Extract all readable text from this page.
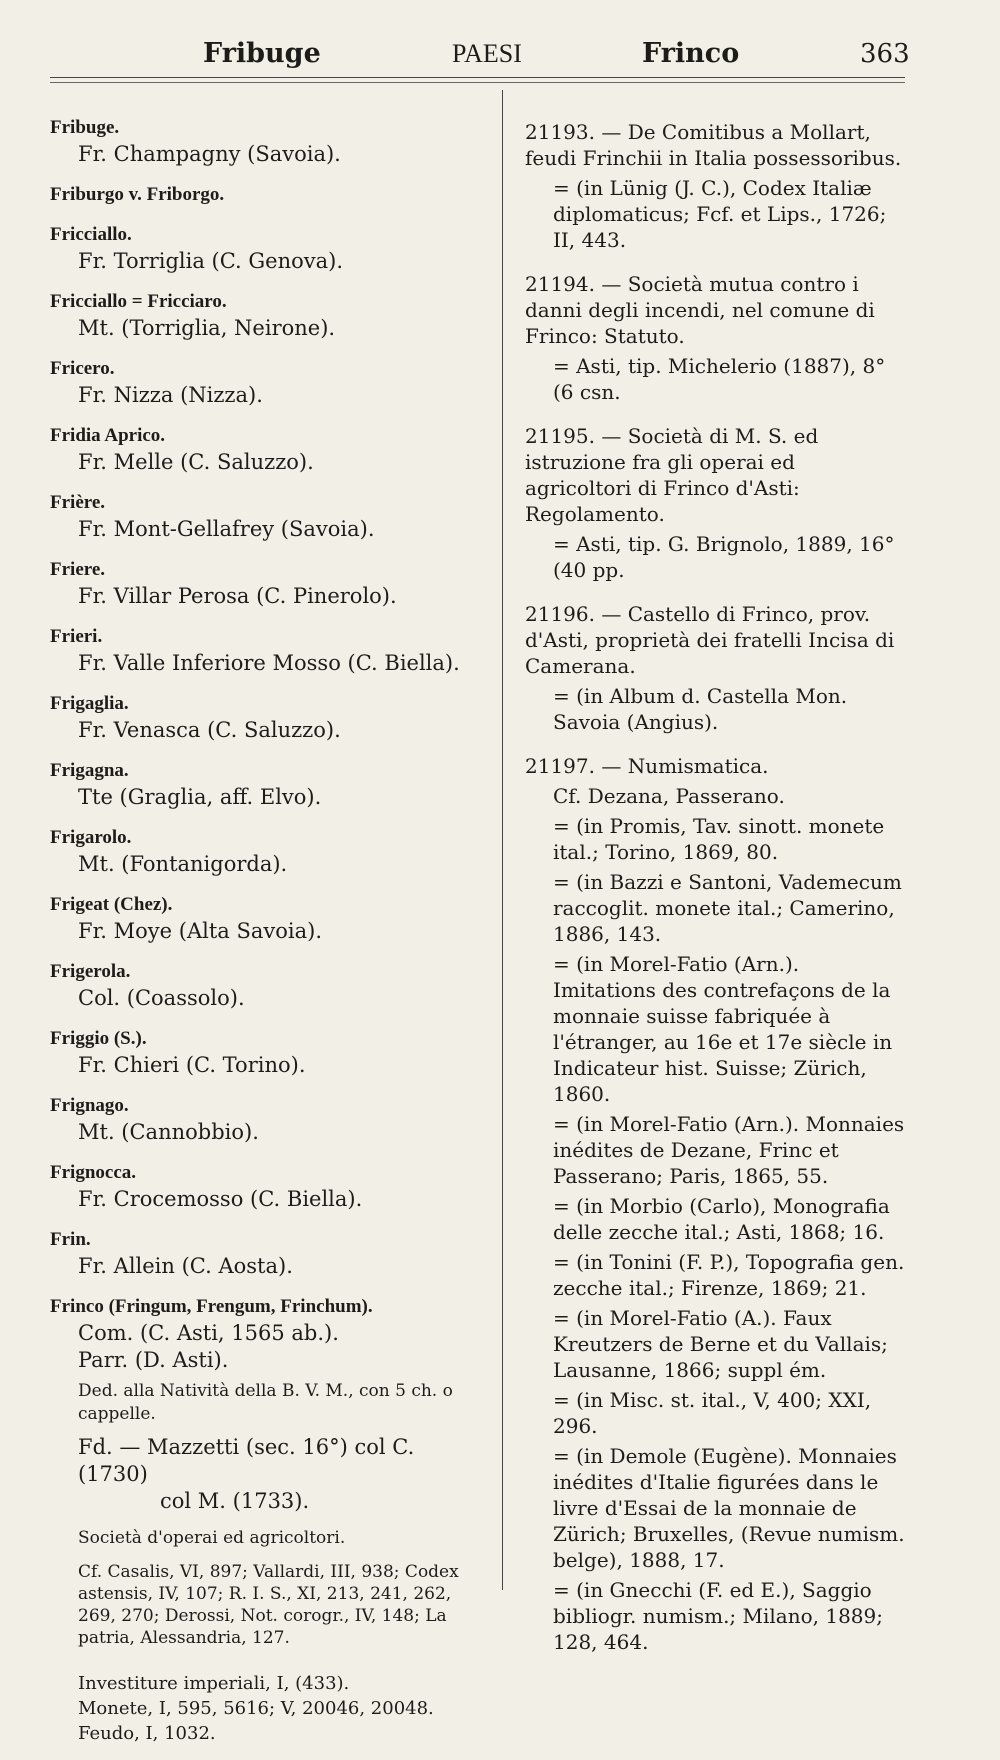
Fribuge	PAESI	Frinco	363
Fribuge.
Fr. Champagny (Savoia).
Friburgo v. Friborgo.
Fricciallo.
Fr. Torriglia (C. Genova).
Fricciallo = Fricciaro.
Mt. (Torriglia, Neirone).
Fricero.
Fr. Nizza (Nizza).
Fridia Aprico.
Fr. Melle (C. Saluzzo).
Frière.
Fr. Mont-Gellafrey (Savoia).
Friere.
Fr. Villar Perosa (C. Pinerolo).
Frieri.
Fr. Valle Inferiore Mosso (C. Biella).
Frigaglia.
Fr. Venasca (C. Saluzzo).
Frigagna.
Tte (Graglia, aff. Elvo).
Frigarolo.
Mt. (Fontanigorda).
Frigeat (Chez).
Fr. Moye (Alta Savoia).
Frigerola.
Col. (Coassolo).
Friggio (S.).
Fr. Chieri (C. Torino).
Frignago.
Mt. (Cannobbio).
Frignocca.
Fr. Crocemosso (C. Biella).
Frin.
Fr. Allein (C. Aosta).
Frinco (Fringum, Frengum, Frinchum).
Com. (C. Asti, 1565 ab.).
Parr. (D. Asti).
Ded. alla Natività della B. V. M., con 5 ch. o cappelle.
Fd. — Mazzetti (sec. 16°) col C. (1730)
col M. (1733).
Società d'operai ed agricoltori.
Cf. Casalis, VI, 897; Vallardi, III, 938; Codex astensis, IV, 107; R. I. S., XI, 213, 241, 262, 269, 270; Derossi, Not. corogr., IV, 148; La patria, Alessandria, 127.
Investiture imperiali, I, (433).
Monete, I, 595, 5616; V, 20046, 20048.
Feudo, I, 1032.
21193. — De Comitibus a Mollart, feudi Frinchii in Italia possessoribus.
= (in Lünig (J. C.), Codex Italiæ diplomaticus; Fcf. et Lips., 1726; II, 443.
21194. — Società mutua contro i danni degli incendi, nel comune di Frinco: Statuto.
= Asti, tip. Michelerio (1887), 8° (6 csn.
21195. — Società di M. S. ed istruzione fra gli operai ed agricoltori di Frinco d'Asti: Regolamento.
= Asti, tip. G. Brignolo, 1889, 16° (40 pp.
21196. — Castello di Frinco, prov. d'Asti, proprietà dei fratelli Incisa di Camerana.
= (in Album d. Castella Mon. Savoia (Angius).
21197. — Numismatica.
Cf. Dezana, Passerano.
= (in Promis, Tav. sinott. monete ital.; Torino, 1869, 80.
= (in Bazzi e Santoni, Vademecum raccoglit. monete ital.; Camerino, 1886, 143.
= (in Morel-Fatio (Arn.). Imitations des contrefaçons de la monnaie suisse fabriquée à l'étranger, au 16e et 17e siècle in Indicateur hist. Suisse; Zürich, 1860.
= (in Morel-Fatio (Arn.). Monnaies inédites de Dezane, Frinc et Passerano; Paris, 1865, 55.
= (in Morbio (Carlo), Monografia delle zecche ital.; Asti, 1868; 16.
= (in Tonini (F. P.), Topografia gen. zecche ital.; Firenze, 1869; 21.
= (in Morel-Fatio (A.). Faux Kreutzers de Berne et du Vallais; Lausanne, 1866; suppl ém.
= (in Misc. st. ital., V, 400; XXI, 296.
= (in Demole (Eugène). Monnaies inédites d'Italie figurées dans le livre d'Essai de la monnaie de Zürich; Bruxelles, (Revue numism. belge), 1888, 17.
= (in Gnecchi (F. ed E.), Saggio bibliogr. numism.; Milano, 1889; 128, 464.
